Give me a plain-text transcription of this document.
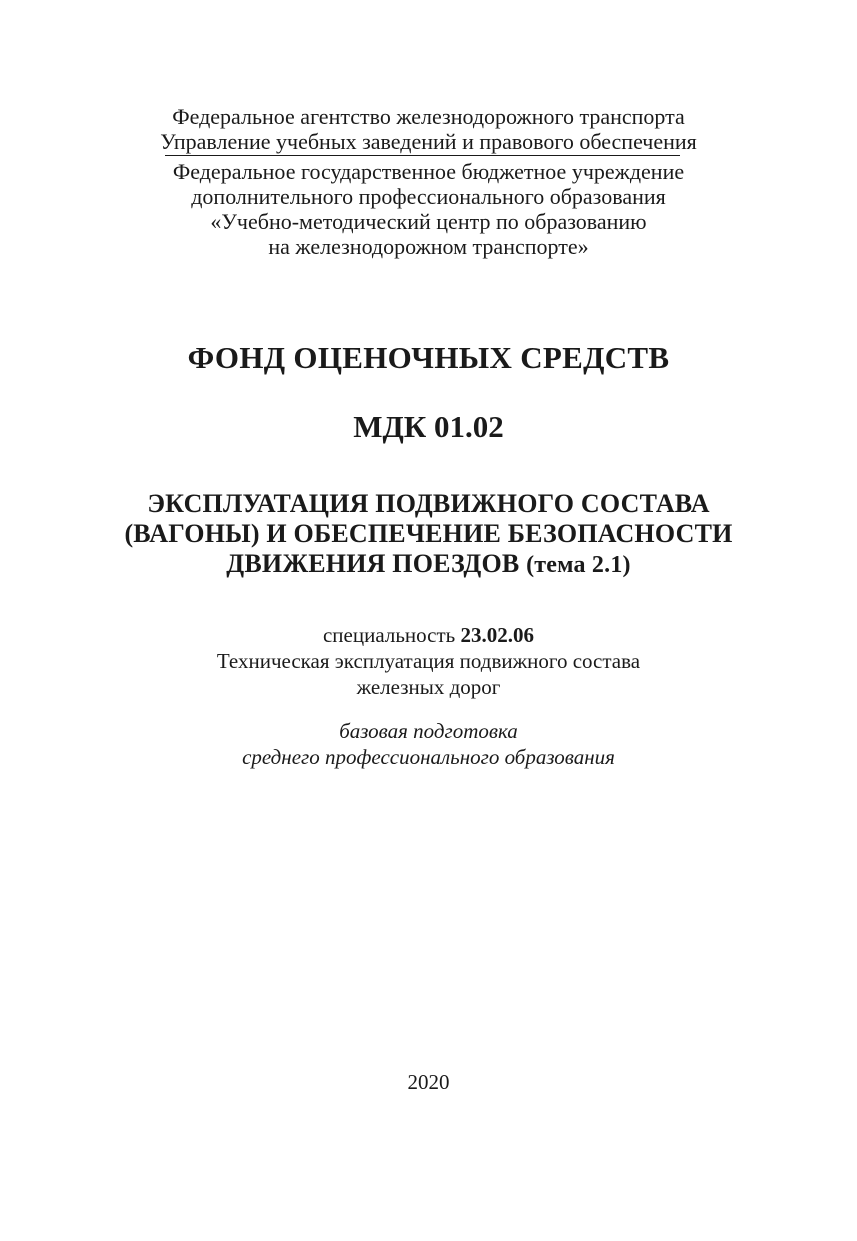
Федеральное агентство железнодорожного транспорта
Управление учебных заведений и правового обеспечения
Федеральное государственное бюджетное учреждение
дополнительного профессионального образования
«Учебно-методический центр по образованию
на железнодорожном транспорте»
ФОНД ОЦЕНОЧНЫХ СРЕДСТВ
МДК 01.02
ЭКСПЛУАТАЦИЯ ПОДВИЖНОГО СОСТАВА
(ВАГОНЫ) И ОБЕСПЕЧЕНИЕ БЕЗОПАСНОСТИ
ДВИЖЕНИЯ ПОЕЗДОВ (тема 2.1)
специальность 23.02.06
Техническая эксплуатация подвижного состава
железных дорог
базовая подготовка
среднего профессионального образования
2020
